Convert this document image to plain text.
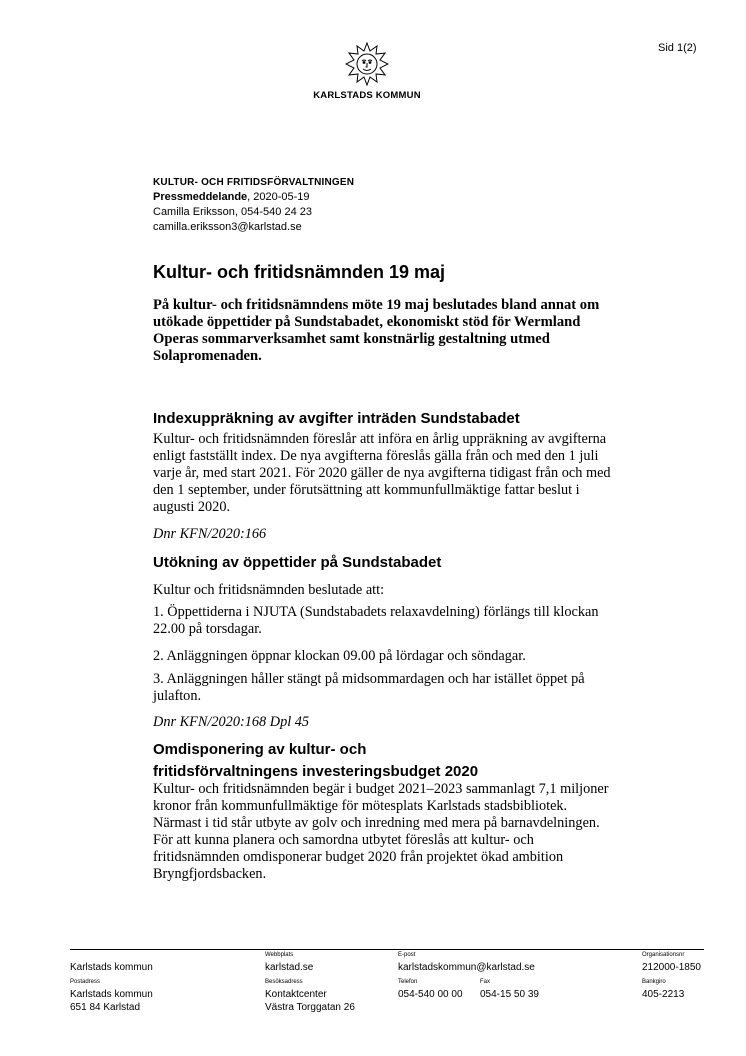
Sid 1(2)
KARLSTADS KOMMUN
KULTUR- OCH FRITIDSFÖRVALTNINGEN
Pressmeddelande, 2020-05-19
Camilla Eriksson, 054-540 24 23
camilla.eriksson3@karlstad.se
Kultur- och fritidsnämnden 19 maj
På kultur- och fritidsnämndens möte 19 maj beslutades bland annat om utökade öppettider på Sundstabadet, ekonomiskt stöd för Wermland Operas sommarverksamhet samt konstnärlig gestaltning utmed Solapromenaden.
Indexuppräkning av avgifter inträden Sundstabadet

Kultur- och fritidsnämnden föreslår att införa en årlig uppräkning av avgifterna enligt fastställt index. De nya avgifterna föreslås gälla från och med den 1 juli varje år, med start 2021. För 2020 gäller de nya avgifterna tidigast från och med den 1 september, under förutsättning att kommunfullmäktige fattar beslut i augusti 2020.

Dnr KFN/2020:166
Utökning av öppettider på Sundstabadet

Kultur och fritidsnämnden beslutade att:

1. Öppettiderna i NJUTA (Sundstabadets relaxavdelning) förlängs till klockan 22.00 på torsdagar.

2. Anläggningen öppnar klockan 09.00 på lördagar och söndagar.

3. Anläggningen håller stängt på midsommardagen och har istället öppet på julafton.

Dnr KFN/2020:168 Dpl 45
Omdisponering av kultur- och
fritidsförvaltningens investeringsbudget 2020

Kultur- och fritidsnämnden begär i budget 2021–2023 sammanlagt 7,1 miljoner kronor från kommunfullmäktige för mötesplats Karlstads stadsbibliotek. Närmast i tid står utbyte av golv och inredning med mera på barnavdelningen. För att kunna planera och samordna utbytet föreslås att kultur- och fritidsnämnden omdisponerar budget 2020 från projektet ökad ambition Bryngfjordsbacken.

Karlstads kommun
Webbplats
karlstad.se
E-post
karlstadskommun@karlstad.se
Organisationsnr
212000-1850
Postadress
Karlstads kommun
651 84 Karlstad
Besöksadress
Kontaktcenter
Västra Torggatan 26
Telefon
054-540 00 00
Fax
054-15 50 39
Bankgiro
405-2213
